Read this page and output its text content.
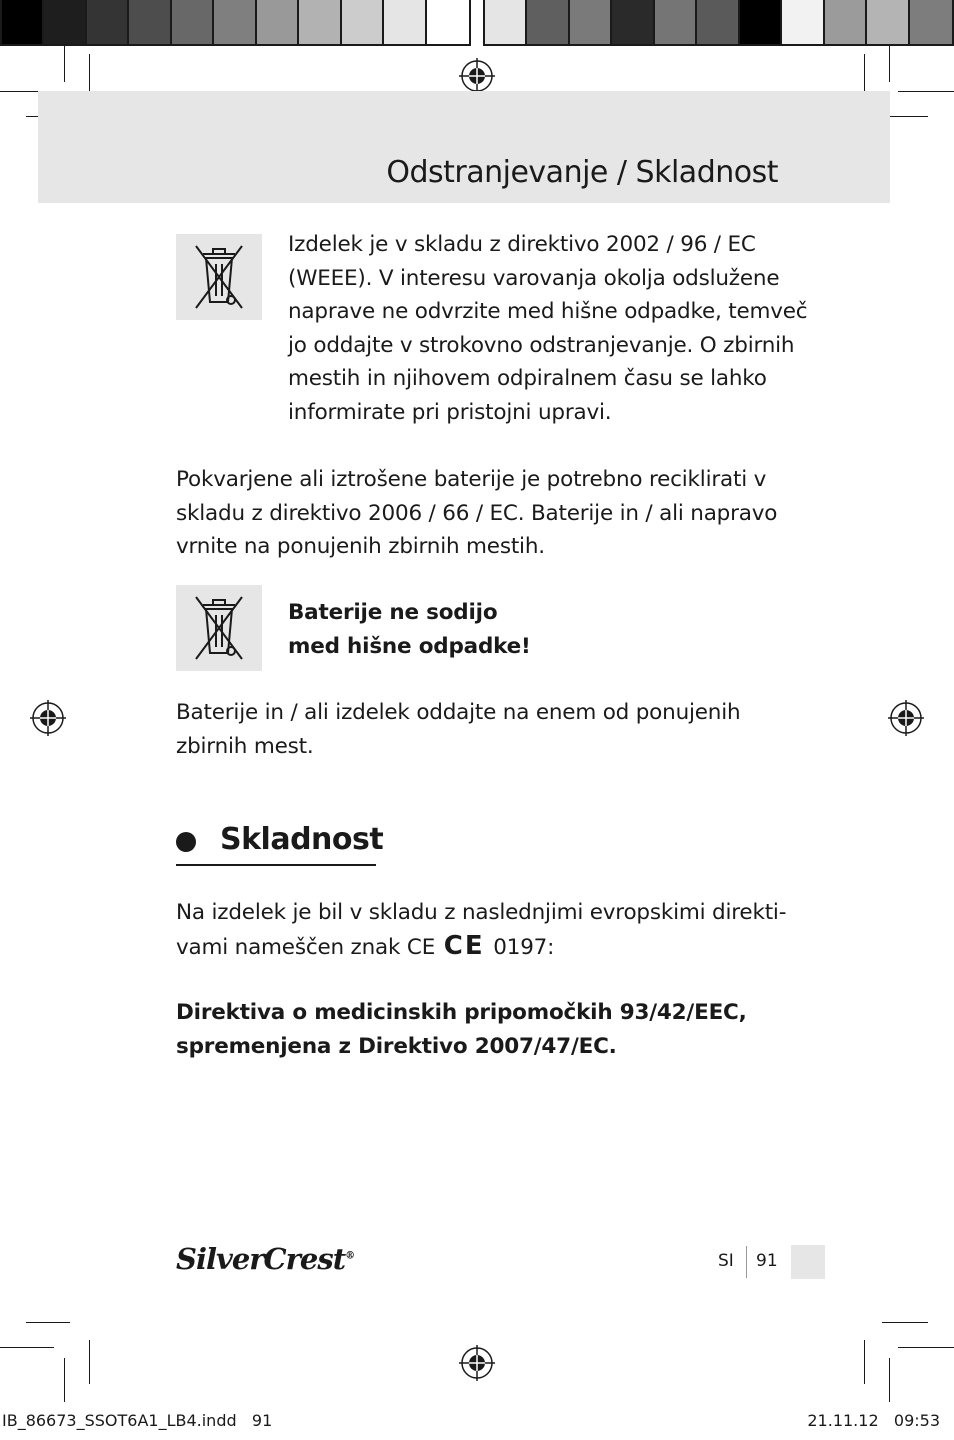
Odstranjevanje / Skladnost
Izdelek je v skladu z direktivo 2002 / 96 / EC
(WEEE). V interesu varovanja okolja odslužene
naprave ne odvrzite med hišne odpadke, temveč
jo oddajte v strokovno odstranjevanje. O zbirnih
mestih in njihovem odpiralnem času se lahko
informirate pri pristojni upravi.
Pokvarjene ali iztrošene baterije je potrebno reciklirati v
skladu z direktivo 2006 / 66 / EC. Baterije in / ali napravo
vrnite na ponujenih zbirnih mestih.
Baterije ne sodijo
med hišne odpadke!
Baterije in / ali izdelek oddajte na enem od ponujenih
zbirnih mest.
Skladnost
Na izdelek je bil v skladu z naslednjimi evropskimi direkti-
vami nameščen znak CE CE 0197:
Direktiva o medicinskih pripomočkih 93/42/EEC,
spremenjena z Direktivo 2007/47/EC.
SilverCrest®	SI 91
IB_86673_SSOT6A1_LB4.indd   91	21.11.12   09:53
